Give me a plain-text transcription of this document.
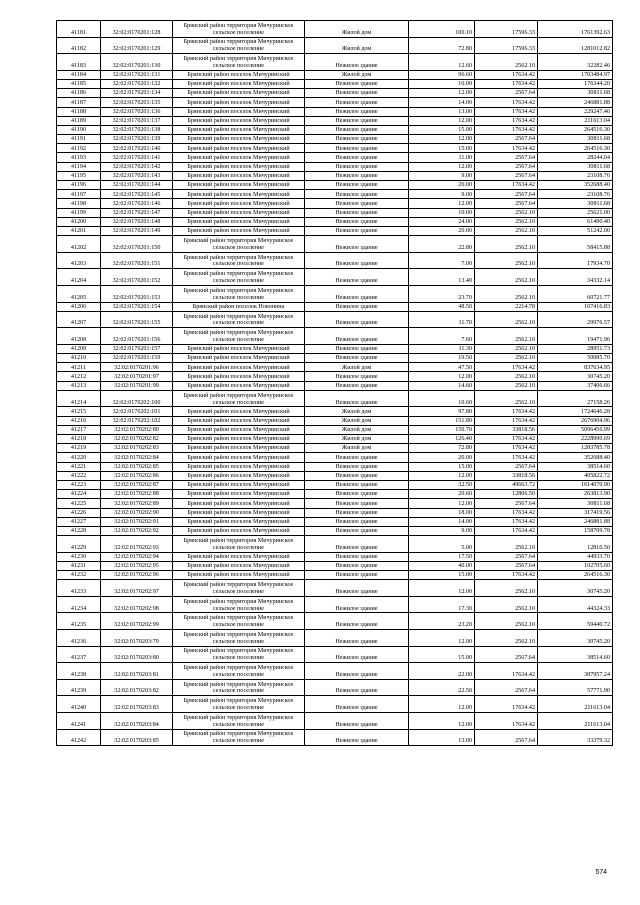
41181	32:02:0170201:128	Брянский район территория Мичуринское сельское поселение	Жилой дом	100.10	17596.33	1761392.63
41182	32:02:0170201:129	Брянский район территория Мичуринское сельское поселение	Жилой дом	72.80	17596.33	1281012.82
41183	32:02:0170201:130	Брянский район территория Мичуринское сельское поселение	Нежилое здание	12.60	2562.10	32282.46
41184	32:02:0170201:131	Брянский район поселок Мичуринский	Жилой дом	96.60	17634.42	1703484.97
41185	32:02:0170201:132	Брянский район поселок Мичуринский	Нежилое здание	10.00	17634.42	176344.20
41186	32:02:0170201:134	Брянский район поселок Мичуринский	Нежилое здание	12.00	2567.64	30811.68
41187	32:02:0170201:135	Брянский район поселок Мичуринский	Нежилое здание	14.00	17634.42	246881.88
41188	32:02:0170201:136	Брянский район поселок Мичуринский	Нежилое здание	13.00	17634.42	229247.46
41189	32:02:0170201:137	Брянский район поселок Мичуринский	Нежилое здание	12.00	17634.42	211613.04
41190	32:02:0170201:138	Брянский район поселок Мичуринский	Нежилое здание	15.00	17634.42	264516.30
41191	32:02:0170201:139	Брянский район поселок Мичуринский	Нежилое здание	12.00	2567.64	30811.68
41192	32:02:0170201:140	Брянский район поселок Мичуринский	Нежилое здание	15.00	17634.42	264516.30
41193	32:02:0170201:141	Брянский район поселок Мичуринский	Нежилое здание	11.00	2567.64	28244.04
41194	32:02:0170201:142	Брянский район поселок Мичуринский	Нежилое здание	12.00	2567.64	30811.68
41195	32:02:0170201:143	Брянский район поселок Мичуринский	Нежилое здание	9.00	2567.64	23108.76
41196	32:02:0170201:144	Брянский район поселок Мичуринский	Нежилое здание	20.00	17634.42	352688.40
41197	32:02:0170201:145	Брянский район поселок Мичуринский	Нежилое здание	9.00	2567.64	23108.76
41198	32:02:0170201:146	Брянский район поселок Мичуринский	Нежилое здание	12.00	2567.64	30811.68
41199	32:02:0170201:147	Брянский район поселок Мичуринский	Нежилое здание	10.00	2562.10	25621.00
41200	32:02:0170201:148	Брянский район поселок Мичуринский	Нежилое здание	24.00	2562.10	61490.40
41201	32:02:0170201:149	Брянский район поселок Мичуринский	Нежилое здание	20.00	2562.10	51242.00
41202	32:02:0170201:150	Брянский район территория Мичуринское сельское поселение	Нежилое здание	22.80	2562.10	58415.88
41203	32:02:0170201:151	Брянский район территория Мичуринское сельское поселение	Нежилое здание	7.00	2562.10	17934.70
41204	32:02:0170201:152	Брянский район территория Мичуринское сельское поселение	Нежилое здание	13.40	2562.10	34332.14
41205	32:02:0170201:153	Брянский район территория Мичуринское сельское поселение	Нежилое здание	23.70	2562.10	60721.77
41206	32:02:0170201:154	Брянский район поселок Новонина	Нежилое здание	48.50	2214.78	107416.83
41207	32:02:0170201:155	Брянский район территория Мичуринское сельское поселение	Нежилое здание	11.70	2562.10	29976.57
41208	32:02:0170201:156	Брянский район территория Мичуринское сельское поселение	Нежилое здание	7.60	2562.10	19471.96
41209	32:02:0170201:157	Брянский район поселок Мичуринский	Нежилое здание	11.30	2562.10	28951.73
41210	32:02:0170201:159	Брянский район поселок Мичуринский	Нежилое здание	19.50	2562.10	50085.70
41211	32:02:0170201:96	Брянский район поселок Мичуринский	Жилой дом	47.50	17634.42	837634.95
41212	32:02:0170201:97	Брянский район поселок Мичуринский	Нежилое здание	12.00	2562.10	30745.20
41213	32:02:0170201:99	Брянский район поселок Мичуринский	Нежилое здание	14.60	2562.10	37406.66
41214	32:02:0170202:100	Брянский район территория Мичуринское сельское поселение	Нежилое здание	10.60	2562.10	27158.26
41215	32:02:0170202:101	Брянский район поселок Мичуринский	Жилой дом	97.80	17634.42	1724646.28
41216	32:02:0170202:102	Брянский район поселок Мичуринский	Жилой дом	151.80	17634.42	2676904.96
41217	32:02:0170202:80	Брянский район поселок Мичуринский	Жилой дом	150.70	33818.56	5096456.99
41218	32:02:0170202:82	Брянский район поселок Мичуринский	Жилой дом	126.40	17634.42	2228990.69
41219	32:02:0170202:83	Брянский район поселок Мичуринский	Жилой дом	72.80	17634.42	1283785.78
41220	32:02:0170202:84	Брянский район поселок Мичуринский	Нежилое здание	20.00	17634.42	352688.40
41221	32:02:0170202:85	Брянский район поселок Мичуринский	Нежилое здание	15.00	2567.64	38514.60
41222	32:02:0170202:86	Брянский район поселок Мичуринский	Нежилое здание	12.00	33818.56	405822.72
41223	32:02:0170202:87	Брянский район поселок Мичуринский	Нежилое здание	32.50	49663.72	1614070.90
41224	32:02:0170202:88	Брянский район поселок Мичуринский	Нежилое здание	20.60	12806.50	263813.90
41225	32:02:0170202:89	Брянский район поселок Мичуринский	Нежилое здание	12.00	2567.64	30811.68
41226	32:02:0170202:90	Брянский район поселок Мичуринский	Нежилое здание	18.00	17634.42	317419.56
41227	32:02:0170202:91	Брянский район поселок Мичуринский	Нежилое здание	14.00	17634.42	246881.88
41228	32:02:0170202:92	Брянский район поселок Мичуринский	Нежилое здание	9.00	17634.42	158709.78
41229	32:02:0170202:93	Брянский район территория Мичуринское сельское поселение	Нежилое здание	5.00	2562.10	12810.50
41230	32:02:0170202:94	Брянский район поселок Мичуринский	Нежилое здание	17.50	2567.64	44933.70
41231	32:02:0170202:95	Брянский район поселок Мичуринский	Нежилое здание	40.00	2567.64	102705.60
41232	32:02:0170202:96	Брянский район поселок Мичуринский	Нежилое здание	15.00	17634.42	264516.30
41233	32:02:0170202:97	Брянский район территория Мичуринское сельское поселение	Нежилое здание	12.00	2562.10	30745.20
41234	32:02:0170202:98	Брянский район территория Мичуринское сельское поселение	Нежилое здание	17.30	2562.10	44324.33
41235	32:02:0170202:99	Брянский район территория Мичуринское сельское поселение	Нежилое здание	23.20	2562.10	59440.72
41236	32:02:0170203:79	Брянский район территория Мичуринское сельское поселение	Нежилое здание	12.00	2562.10	30745.20
41237	32:02:0170203:80	Брянский район территория Мичуринское сельское поселение	Нежилое здание	15.00	2567.64	38514.60
41238	32:02:0170203:81	Брянский район территория Мичуринское сельское поселение	Нежилое здание	22.00	17634.42	387957.24
41239	32:02:0170203:82	Брянский район территория Мичуринское сельское поселение	Нежилое здание	22.50	2567.64	57771.90
41240	32:02:0170203:83	Брянский район территория Мичуринское сельское поселение	Нежилое здание	12.00	17634.42	211613.04
41241	32:02:0170203:84	Брянский район территория Мичуринское сельское поселение	Нежилое здание	12.00	17634.42	211613.04
41242	32:02:0170203:85	Брянский район территория Мичуринское сельское поселение	Нежилое здание	13.00	2567.64	33379.32
574
